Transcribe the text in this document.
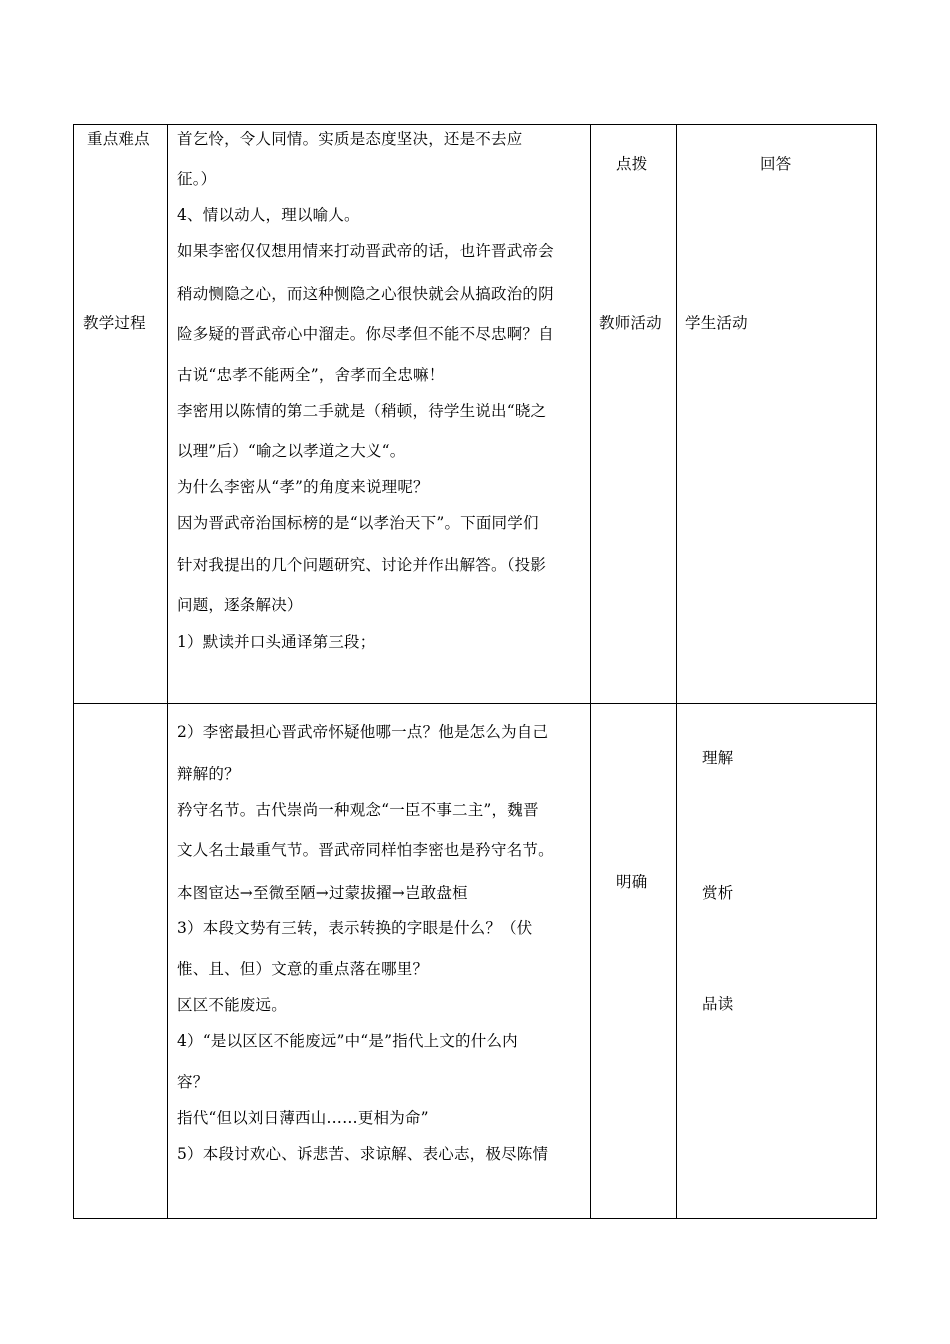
重点难点
教学过程
首乞怜，令人同情。实质是态度坚决，还是不去应
征。）
4、情以动人，理以喻人。
如果李密仅仅想用情来打动晋武帝的话，也许晋武帝会
稍动恻隐之心，而这种恻隐之心很快就会从搞政治的阴
险多疑的晋武帝心中溜走。你尽孝但不能不尽忠啊？自
古说“忠孝不能两全”，舍孝而全忠嘛！
李密用以陈情的第二手就是（稍顿，待学生说出“晓之
以理”后）“喻之以孝道之大义“。
为什么李密从“孝”的角度来说理呢？
因为晋武帝治国标榜的是“以孝治天下”。下面同学们
针对我提出的几个问题研究、讨论并作出解答。（投影
问题，逐条解决）
1）默读并口头通译第三段；
点拨
教师活动
回答
学生活动
2）李密最担心晋武帝怀疑他哪一点？他是怎么为自己
辩解的？
矜守名节。古代崇尚一种观念“一臣不事二主”，魏晋
文人名士最重气节。晋武帝同样怕李密也是矜守名节。
本图宦达→至微至陋→过蒙拔擢→岂敢盘桓
3）本段文势有三转，表示转换的字眼是什么？（伏
惟、且、但）文意的重点落在哪里？
区区不能废远。
4）“是以区区不能废远”中“是”指代上文的什么内
容？
指代“但以刘日薄西山……更相为命”
5）本段讨欢心、诉悲苦、求谅解、表心志，极尽陈情
明确
理解
赏析
品读
